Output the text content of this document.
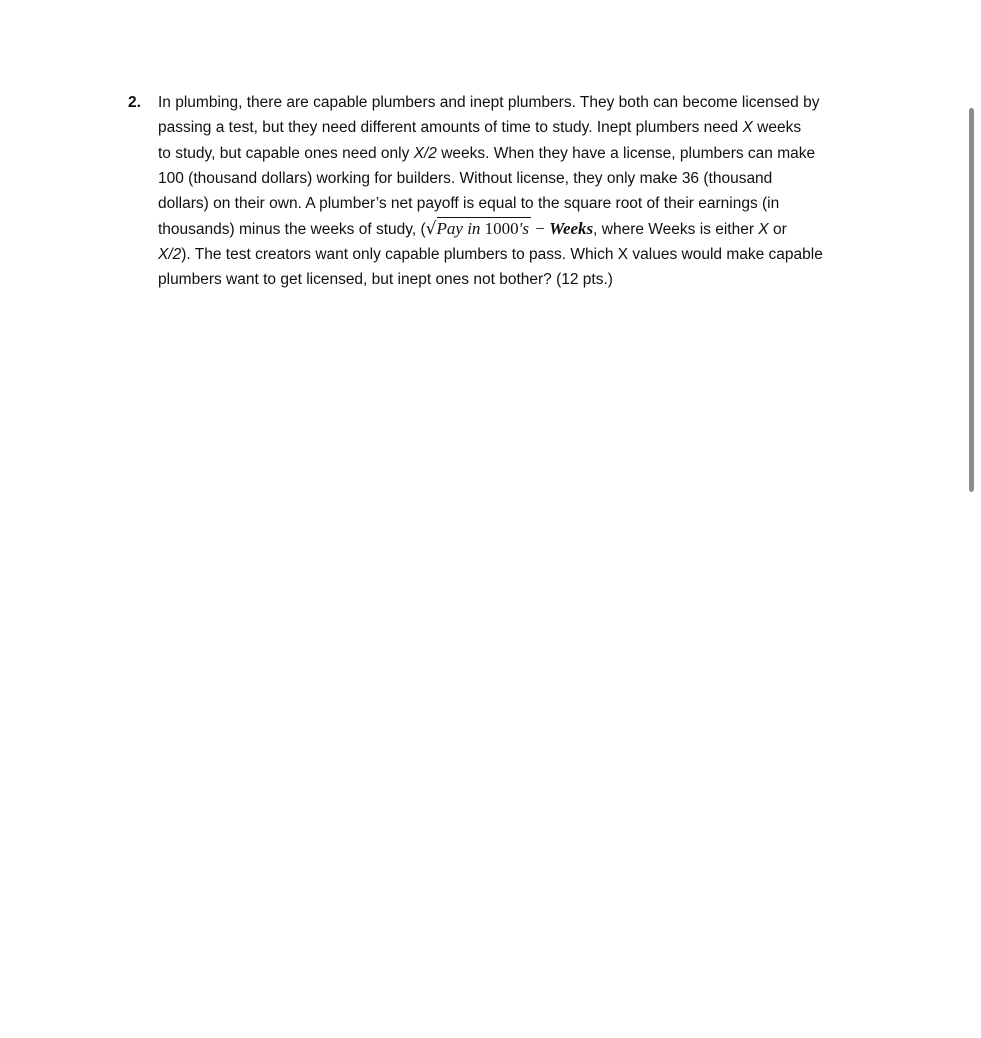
2.	In plumbing, there are capable plumbers and inept plumbers. They both can become licensed by
passing a test, but they need different amounts of time to study. Inept plumbers need X weeks
to study, but capable ones need only X/2 weeks. When they have a license, plumbers can make
100 (thousand dollars) working for builders. Without license, they only make 36 (thousand
dollars) on their own. A plumber’s net payoff is equal to the square root of their earnings (in
thousands) minus the weeks of study, (√Pay in 1000′s − Weeks, where Weeks is either X or
X/2). The test creators want only capable plumbers to pass. Which X values would make capable
plumbers want to get licensed, but inept ones not bother? (12 pts.)
